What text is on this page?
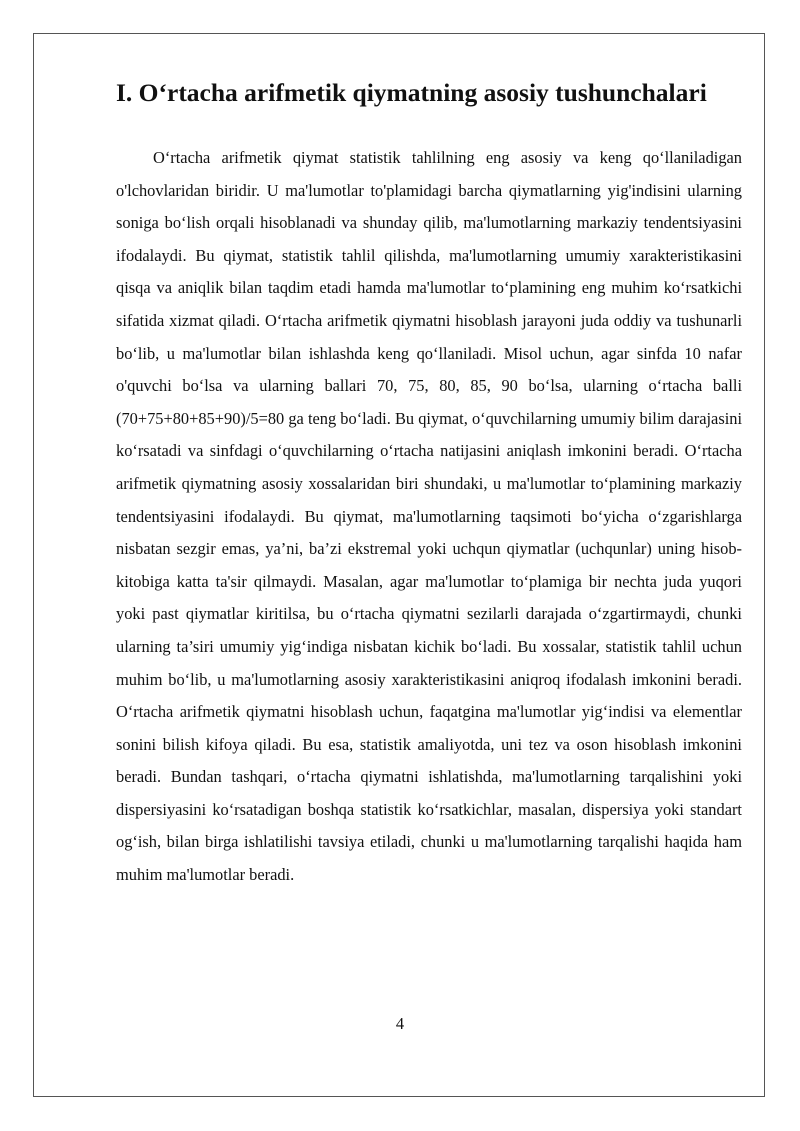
I. O‘rtacha arifmetik qiymatning asosiy tushunchalari

O‘rtacha arifmetik qiymat statistik tahlilning eng asosiy va keng qo‘llaniladigan o'lchovlaridan biridir. U ma'lumotlar to'plamidagi barcha qiymatlarning yig'indisini ularning soniga bo‘lish orqali hisoblanadi va shunday qilib, ma'lumotlarning markaziy tendentsiyasini ifodalaydi. Bu qiymat, statistik tahlil qilishda, ma'lumotlarning umumiy xarakteristikasini qisqa va aniqlik bilan taqdim etadi hamda ma'lumotlar to‘plamining eng muhim ko‘rsatkichi sifatida xizmat qiladi. O‘rtacha arifmetik qiymatni hisoblash jarayoni juda oddiy va tushunarli bo‘lib, u ma'lumotlar bilan ishlashda keng qo‘llaniladi. Misol uchun, agar sinfda 10 nafar o'quvchi bo‘lsa va ularning ballari 70, 75, 80, 85, 90 bo‘lsa, ularning o‘rtacha balli (70+75+80+85+90)/5=80 ga teng bo‘ladi. Bu qiymat, o‘quvchilarning umumiy bilim darajasini ko‘rsatadi va sinfdagi o‘quvchilarning o‘rtacha natijasini aniqlash imkonini beradi. O‘rtacha arifmetik qiymatning asosiy xossalaridan biri shundaki, u ma'lumotlar to‘plamining markaziy tendentsiyasini ifodalaydi. Bu qiymat, ma'lumotlarning taqsimoti bo‘yicha o‘zgarishlarga nisbatan sezgir emas, ya’ni, ba’zi ekstremal yoki uchqun qiymatlar (uchqunlar) uning hisob-kitobiga katta ta'sir qilmaydi. Masalan, agar ma'lumotlar to‘plamiga bir nechta juda yuqori yoki past qiymatlar kiritilsa, bu o‘rtacha qiymatni sezilarli darajada o‘zgartirmaydi, chunki ularning ta’siri umumiy yig‘indiga nisbatan kichik bo‘ladi. Bu xossalar, statistik tahlil uchun muhim bo‘lib, u ma'lumotlarning asosiy xarakteristikasini aniqroq ifodalash imkonini beradi. O‘rtacha arifmetik qiymatni hisoblash uchun, faqatgina ma'lumotlar yig‘indisi va elementlar sonini bilish kifoya qiladi. Bu esa, statistik amaliyotda, uni tez va oson hisoblash imkonini beradi. Bundan tashqari, o‘rtacha qiymatni ishlatishda, ma'lumotlarning tarqalishini yoki dispersiyasini ko‘rsatadigan boshqa statistik ko‘rsatkichlar, masalan, dispersiya yoki standart og‘ish, bilan birga ishlatilishi tavsiya etiladi, chunki u ma'lumotlarning tarqalishi haqida ham muhim ma'lumotlar beradi.

4
